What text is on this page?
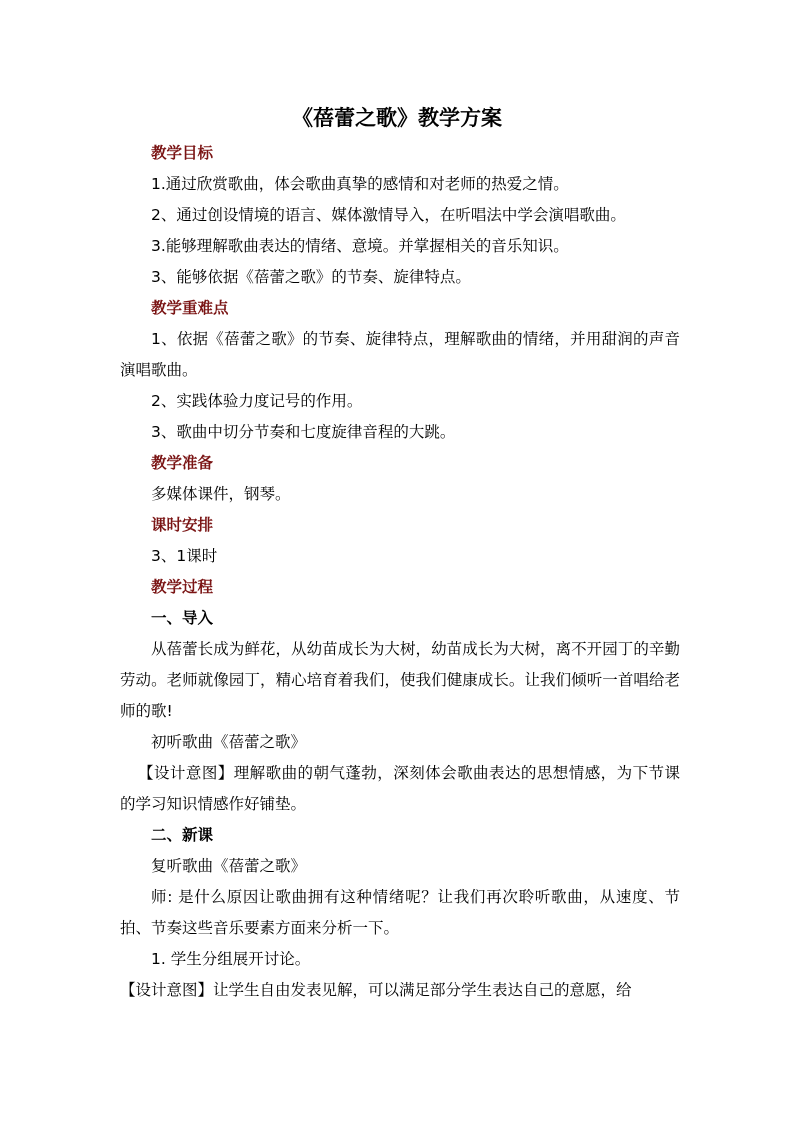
《蓓蕾之歌》教学方案

教学目标

1.通过欣赏歌曲，体会歌曲真挚的感情和对老师的热爱之情。

2、通过创设情境的语言、媒体激情导入，在听唱法中学会演唱歌曲。

3.能够理解歌曲表达的情绪、意境。并掌握相关的音乐知识。

3、能够依据《蓓蕾之歌》的节奏、旋律特点。

教学重难点

1、依据《蓓蕾之歌》的节奏、旋律特点，理解歌曲的情绪，并用甜润的声音演唱歌曲。

2、实践体验力度记号的作用。

3、歌曲中切分节奏和七度旋律音程的大跳。

教学准备

多媒体课件，钢琴。

课时安排

3、1课时

教学过程

一、导入

从蓓蕾长成为鲜花，从幼苗成长为大树，幼苗成长为大树，离不开园丁的辛勤劳动。老师就像园丁，精心培育着我们，使我们健康成长。让我们倾听一首唱给老师的歌!

初听歌曲《蓓蕾之歌》

【设计意图】理解歌曲的朝气蓬勃，深刻体会歌曲表达的思想情感，为下节课的学习知识情感作好铺垫。

二、新课

复听歌曲《蓓蕾之歌》

师: 是什么原因让歌曲拥有这种情绪呢？让我们再次聆听歌曲，从速度、节拍、节奏这些音乐要素方面来分析一下。

1. 学生分组展开讨论。

【设计意图】让学生自由发表见解，可以满足部分学生表达自己的意愿，给
